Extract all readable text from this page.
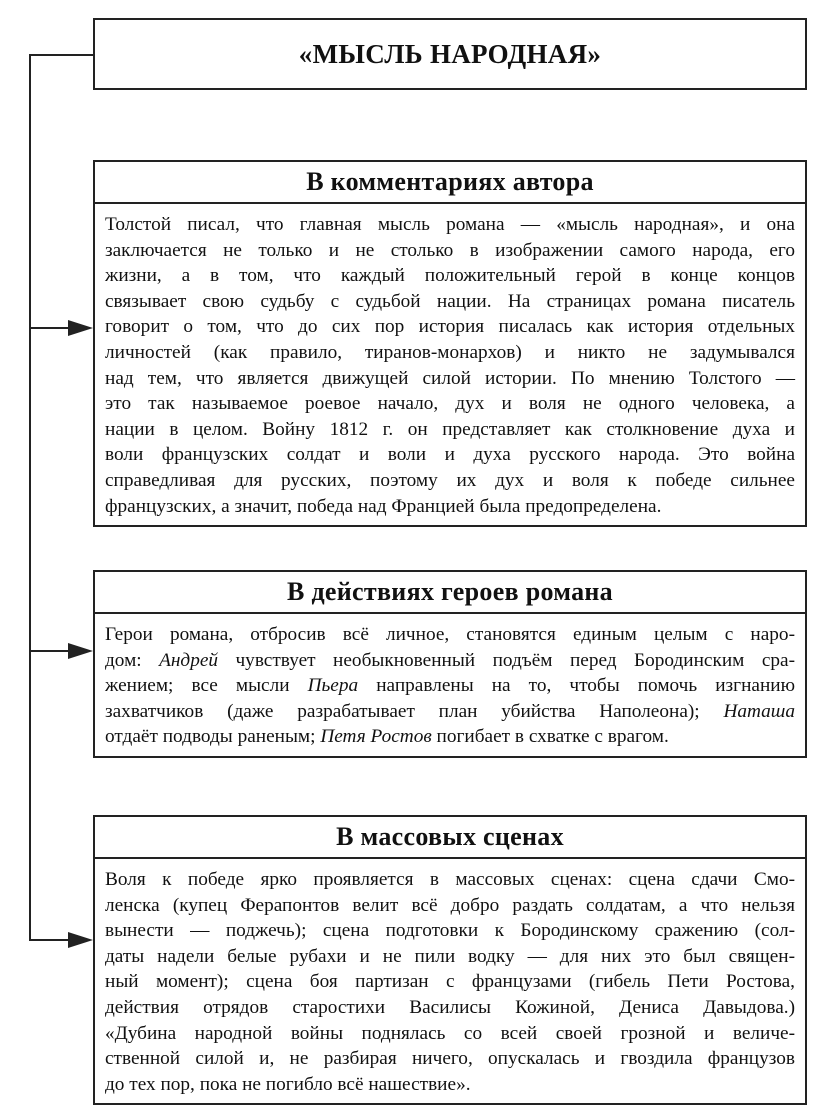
«МЫСЛЬ НАРОДНАЯ»
В комментариях автора
Толстой писал, что главная мысль романа — «мысль народная», и она
заключается не только и не столько в изображении самого народа, его
жизни, а в том, что каждый положительный герой в конце концов
связывает свою судьбу с судьбой нации. На страницах романа писатель
говорит о том, что до сих пор история писалась как история отдельных
личностей (как правило, тиранов-монархов) и никто не задумывался
над тем, что является движущей силой истории. По мнению Толстого —
это так называемое роевое начало, дух и воля не одного человека, а
нации в целом. Войну 1812 г. он представляет как столкновение духа и
воли французских солдат и воли и духа русского народа. Это война
справедливая для русских, поэтому их дух и воля к победе сильнее
французских, а значит, победа над Францией была предопределена.
В действиях героев романа
Герои романа, отбросив всё личное, становятся единым целым с наро-
дом: Андрей чувствует необыкновенный подъём перед Бородинским сра-
жением; все мысли Пьера направлены на то, чтобы помочь изгнанию
захватчиков (даже разрабатывает план убийства Наполеона); Наташа
отдаёт подводы раненым; Петя Ростов погибает в схватке с врагом.
В массовых сценах
Воля к победе ярко проявляется в массовых сценах: сцена сдачи Смо-
ленска (купец Ферапонтов велит всё добро раздать солдатам, а что нельзя
вынести — поджечь); сцена подготовки к Бородинскому сражению (сол-
даты надели белые рубахи и не пили водку — для них это был священ-
ный момент); сцена боя партизан с французами (гибель Пети Ростова,
действия отрядов старостихи Василисы Кожиной, Дениса Давыдова.)
«Дубина народной войны поднялась со всей своей грозной и величе-
ственной силой и, не разбирая ничего, опускалась и гвоздила французов
до тех пор, пока не погибло всё нашествие».
